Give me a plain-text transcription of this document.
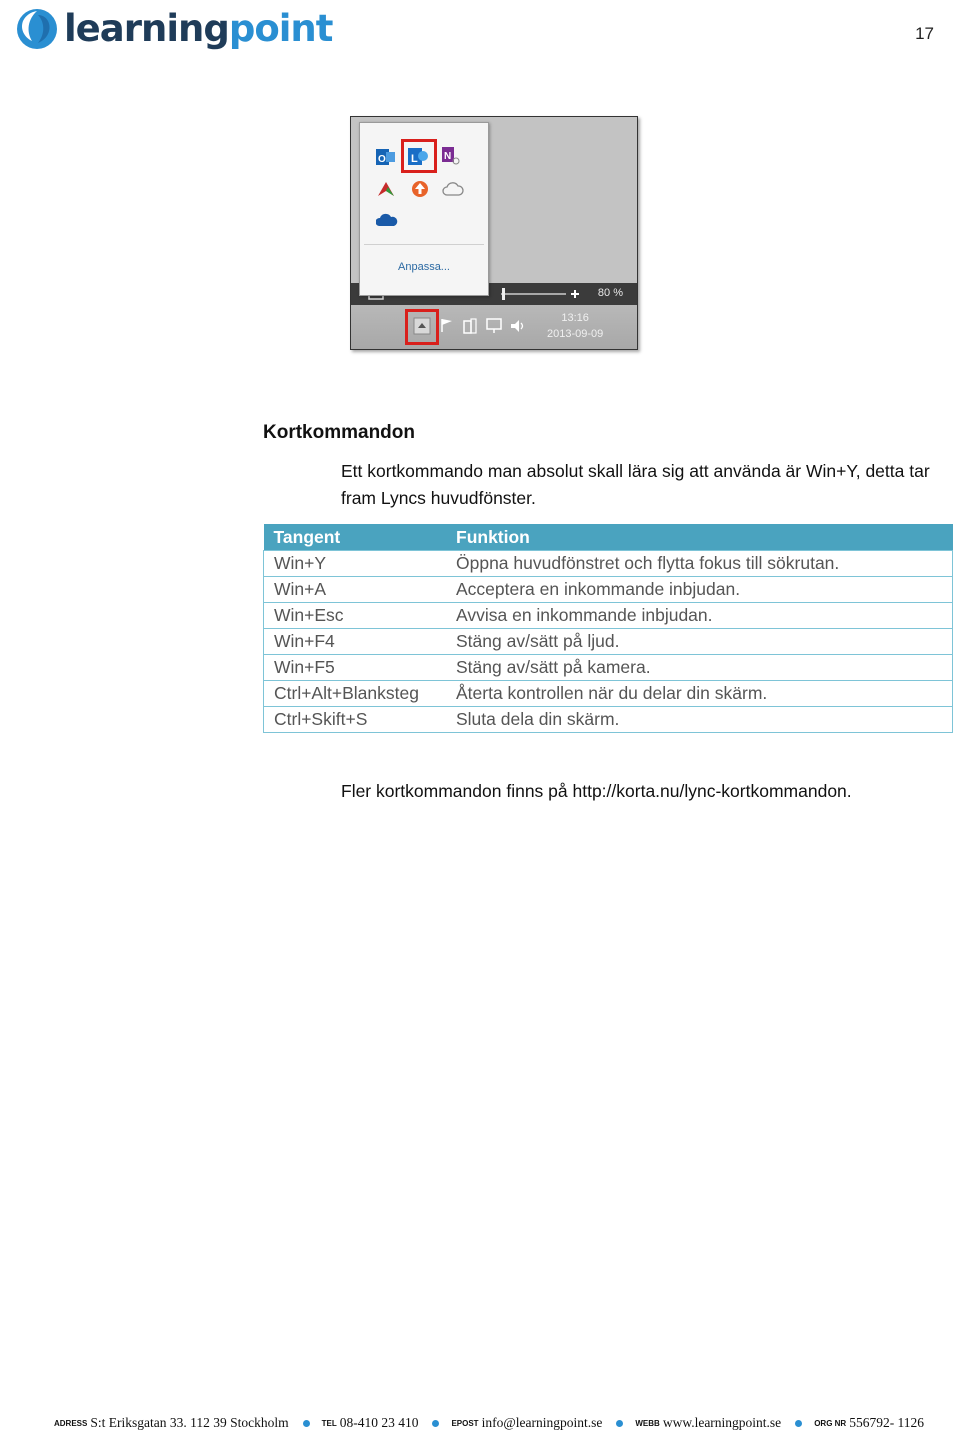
learningpoint	17
80 %
O L	N
Anpassa...
13:16
2013-09-09
Kortkommandon
Ett kortkommando man absolut skall lära sig att använda är Win+Y, detta tar fram Lyncs huvudfönster.
Tangent	Funktion
Win+Y	Öppna huvudfönstret och flytta fokus till sökrutan.
Win+A	Acceptera en inkommande inbjudan.
Win+Esc	Avvisa en inkommande inbjudan.
Win+F4	Stäng av/sätt på ljud.
Win+F5	Stäng av/sätt på kamera.
Ctrl+Alt+Blanksteg	Återta kontrollen när du delar din skärm.
Ctrl+Skift+S	Sluta dela din skärm.
Fler kortkommandon finns på http://korta.nu/lync-kortkommandon.
ADRESS S:t Eriksgatan 33. 112 39 Stockholm	TEL 08-410 23 410	EPOST info@learningpoint.se	WEBB www.learningpoint.se	ORG NR 556792- 1126
